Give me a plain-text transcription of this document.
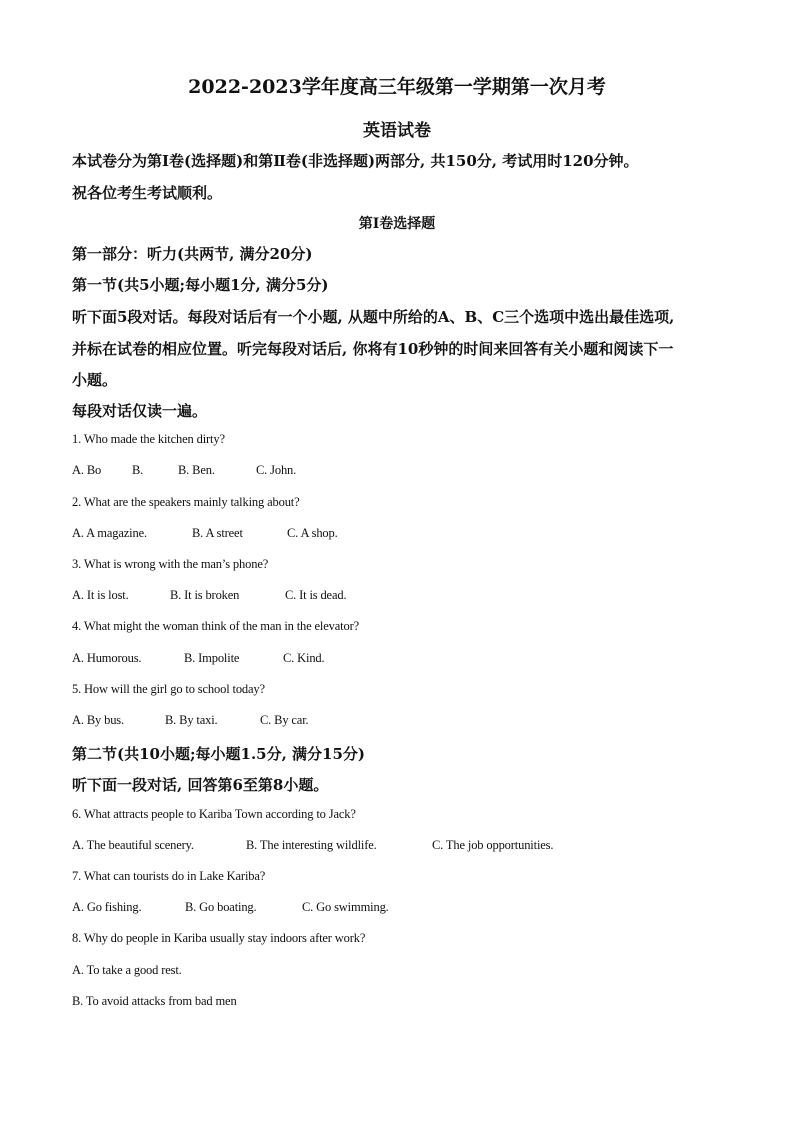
2022-2023学年度高三年级第一学期第一次月考
英语试卷
本试卷分为第Ⅰ卷(选择题)和第Ⅱ卷(非选择题)两部分, 共150分, 考试用时120分钟。
祝各位考生考试顺利。
第Ⅰ卷选择题
第一部分：听力(共两节, 满分20分)
第一节(共5小题;每小题1分, 满分5分)
听下面5段对话。每段对话后有一个小题, 从题中所给的A、B、C三个选项中选出最佳选项,
并标在试卷的相应位置。听完每段对话后, 你将有10秒钟的时间来回答有关小题和阅读下一
小题。
每段对话仅读一遍。
1. Who made the kitchen dirty?
A. Bo B.	B. Ben.	C. John.
2. What are the speakers mainly talking about?
A. A magazine.	B. A street	C. A shop.
3. What is wrong with the man’s phone?
A. It is lost.	B. It is broken	C. It is dead.
4. What might the woman think of the man in the elevator?
A. Humorous.	B. Impolite	C. Kind.
5. How will the girl go to school today?
A. By bus.	B. By taxi.	C. By car.
第二节(共10小题;每小题1.5分, 满分15分)
听下面一段对话, 回答第6至第8小题。
6. What attracts people to Kariba Town according to Jack?
A. The beautiful scenery.	B. The interesting wildlife.	C. The job opportunities.
7. What can tourists do in Lake Kariba?
A. Go fishing.	B. Go boating.	C. Go swimming.
8. Why do people in Kariba usually stay indoors after work?
A. To take a good rest.
B. To avoid attacks from bad men
